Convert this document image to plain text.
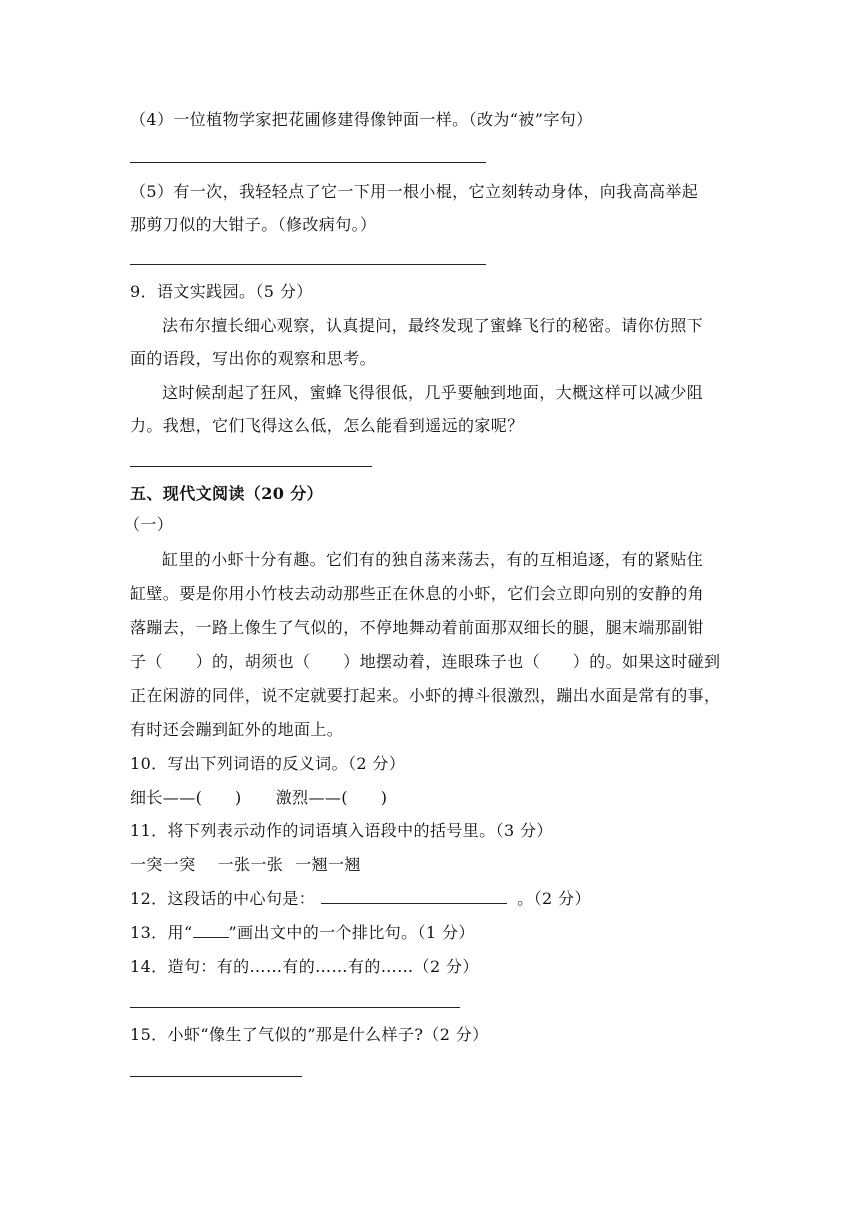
（4）一位植物学家把花圃修建得像钟面一样。（改为“被”字句）
（5）有一次，我轻轻点了它一下用一根小棍，它立刻转动身体，向我高高举起
那剪刀似的大钳子。（修改病句。）
9．语文实践园。（5 分）
法布尔擅长细心观察，认真提问，最终发现了蜜蜂飞行的秘密。请你仿照下
面的语段，写出你的观察和思考。
这时候刮起了狂风，蜜蜂飞得很低，几乎要触到地面，大概这样可以减少阻
力。我想，它们飞得这么低，怎么能看到遥远的家呢？
五、现代文阅读（20 分）
（一）
缸里的小虾十分有趣。它们有的独自荡来荡去，有的互相追逐，有的紧贴住
缸壁。要是你用小竹枝去动动那些正在休息的小虾，它们会立即向别的安静的角
落蹦去，一路上像生了气似的，不停地舞动着前面那双细长的腿，腿末端那副钳
子（　　）的，胡须也（　　）地摆动着，连眼珠子也（　　）的。如果这时碰到
正在闲游的同伴，说不定就要打起来。小虾的搏斗很激烈，蹦出水面是常有的事，
有时还会蹦到缸外的地面上。
10．写出下列词语的反义词。（2 分）
细长——(　　) 激烈——(　　)
11．将下列表示动作的词语填入语段中的括号里。（3 分）
一突一突 一张一张 一翘一翘
12．这段话的中心句是：	。（2 分）
13．用“ ”画出文中的一个排比句。（1 分）
14．造句：有的……有的……有的……（2 分）
15．小虾“像生了气似的”那是什么样子?（2 分）
